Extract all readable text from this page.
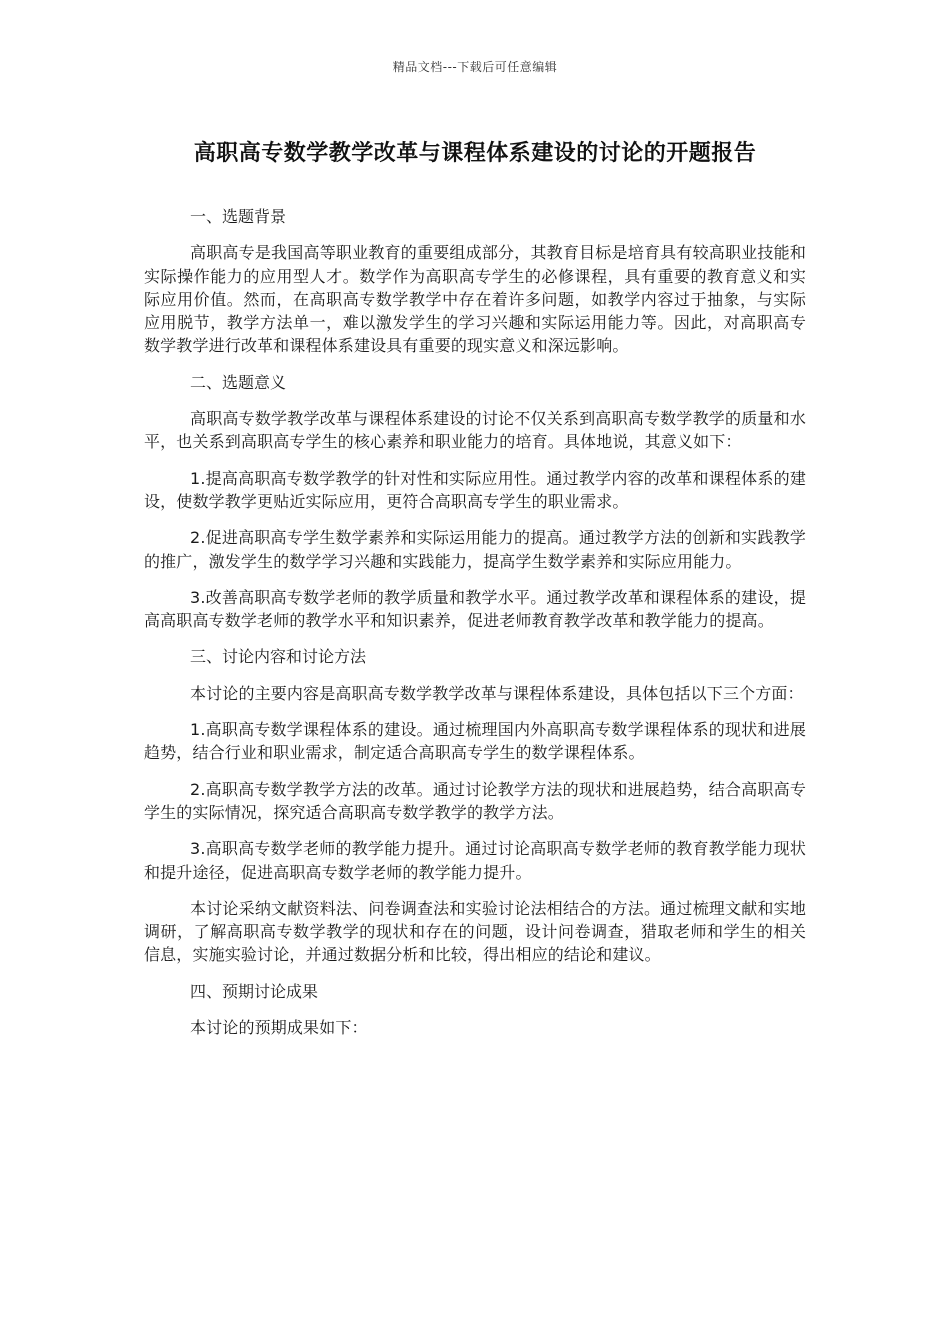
精品文档---下载后可任意编辑
高职高专数学教学改革与课程体系建设的讨论的开题报告

一、选题背景

高职高专是我国高等职业教育的重要组成部分，其教育目标是培育具有较高职业技能和实际操作能力的应用型人才。数学作为高职高专学生的必修课程，具有重要的教育意义和实际应用价值。然而，在高职高专数学教学中存在着许多问题，如教学内容过于抽象，与实际应用脱节，教学方法单一，难以激发学生的学习兴趣和实际运用能力等。因此，对高职高专数学教学进行改革和课程体系建设具有重要的现实意义和深远影响。

二、选题意义

高职高专数学教学改革与课程体系建设的讨论不仅关系到高职高专数学教学的质量和水平，也关系到高职高专学生的核心素养和职业能力的培育。具体地说，其意义如下：

1.提高高职高专数学教学的针对性和实际应用性。通过教学内容的改革和课程体系的建设，使数学教学更贴近实际应用，更符合高职高专学生的职业需求。

2.促进高职高专学生数学素养和实际运用能力的提高。通过教学方法的创新和实践教学的推广，激发学生的数学学习兴趣和实践能力，提高学生数学素养和实际应用能力。

3.改善高职高专数学老师的教学质量和教学水平。通过教学改革和课程体系的建设，提高高职高专数学老师的教学水平和知识素养，促进老师教育教学改革和教学能力的提高。

三、讨论内容和讨论方法

本讨论的主要内容是高职高专数学教学改革与课程体系建设，具体包括以下三个方面：

1.高职高专数学课程体系的建设。通过梳理国内外高职高专数学课程体系的现状和进展趋势，结合行业和职业需求，制定适合高职高专学生的数学课程体系。

2.高职高专数学教学方法的改革。通过讨论教学方法的现状和进展趋势，结合高职高专学生的实际情况，探究适合高职高专数学教学的教学方法。

3.高职高专数学老师的教学能力提升。通过讨论高职高专数学老师的教育教学能力现状和提升途径，促进高职高专数学老师的教学能力提升。

本讨论采纳文献资料法、问卷调查法和实验讨论法相结合的方法。通过梳理文献和实地调研，了解高职高专数学教学的现状和存在的问题，设计问卷调查，猎取老师和学生的相关信息，实施实验讨论，并通过数据分析和比较，得出相应的结论和建议。

四、预期讨论成果

本讨论的预期成果如下：
